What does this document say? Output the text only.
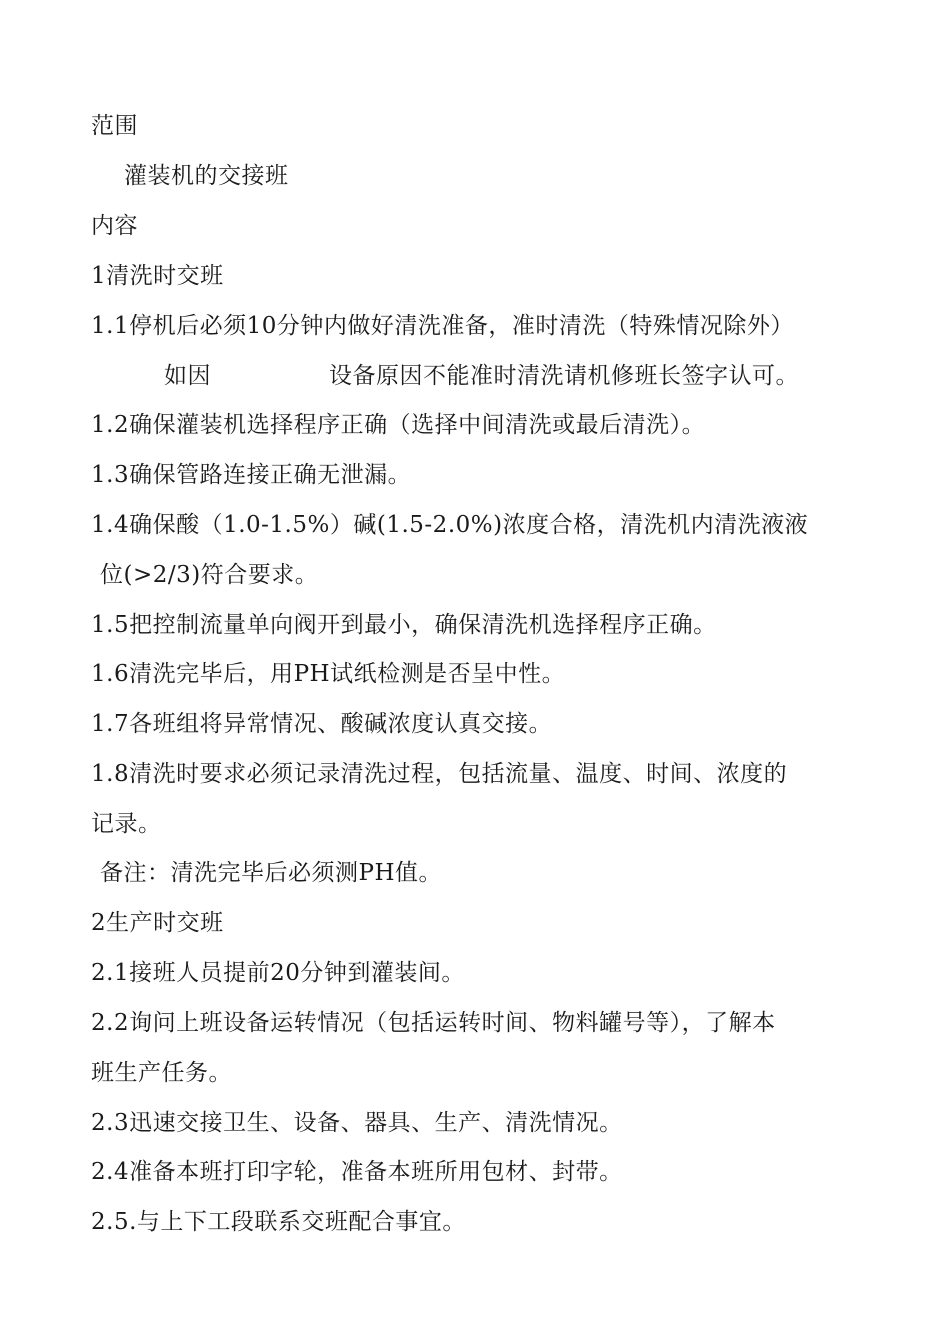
范围
灌装机的交接班
内容
1清洗时交班
1.1停机后必须10分钟内做好清洗准备，准时清洗（特殊情况除外）
如因	设备原因不能准时清洗请机修班长签字认可。
1.2确保灌装机选择程序正确（选择中间清洗或最后清洗）。
1.3确保管路连接正确无泄漏。
1.4确保酸（1.0-1.5%）碱(1.5-2.0%)浓度合格，清洗机内清洗液液
位(>2/3)符合要求。
1.5把控制流量单向阀开到最小，确保清洗机选择程序正确。
1.6清洗完毕后，用PH试纸检测是否呈中性。
1.7各班组将异常情况、酸碱浓度认真交接。
1.8清洗时要求必须记录清洗过程，包括流量、温度、时间、浓度的
记录。
备注：清洗完毕后必须测PH值。
2生产时交班
2.1接班人员提前20分钟到灌装间。
2.2询问上班设备运转情况（包括运转时间、物料罐号等），了解本
班生产任务。
2.3迅速交接卫生、设备、器具、生产、清洗情况。
2.4准备本班打印字轮，准备本班所用包材、封带。
2.5.与上下工段联系交班配合事宜。
